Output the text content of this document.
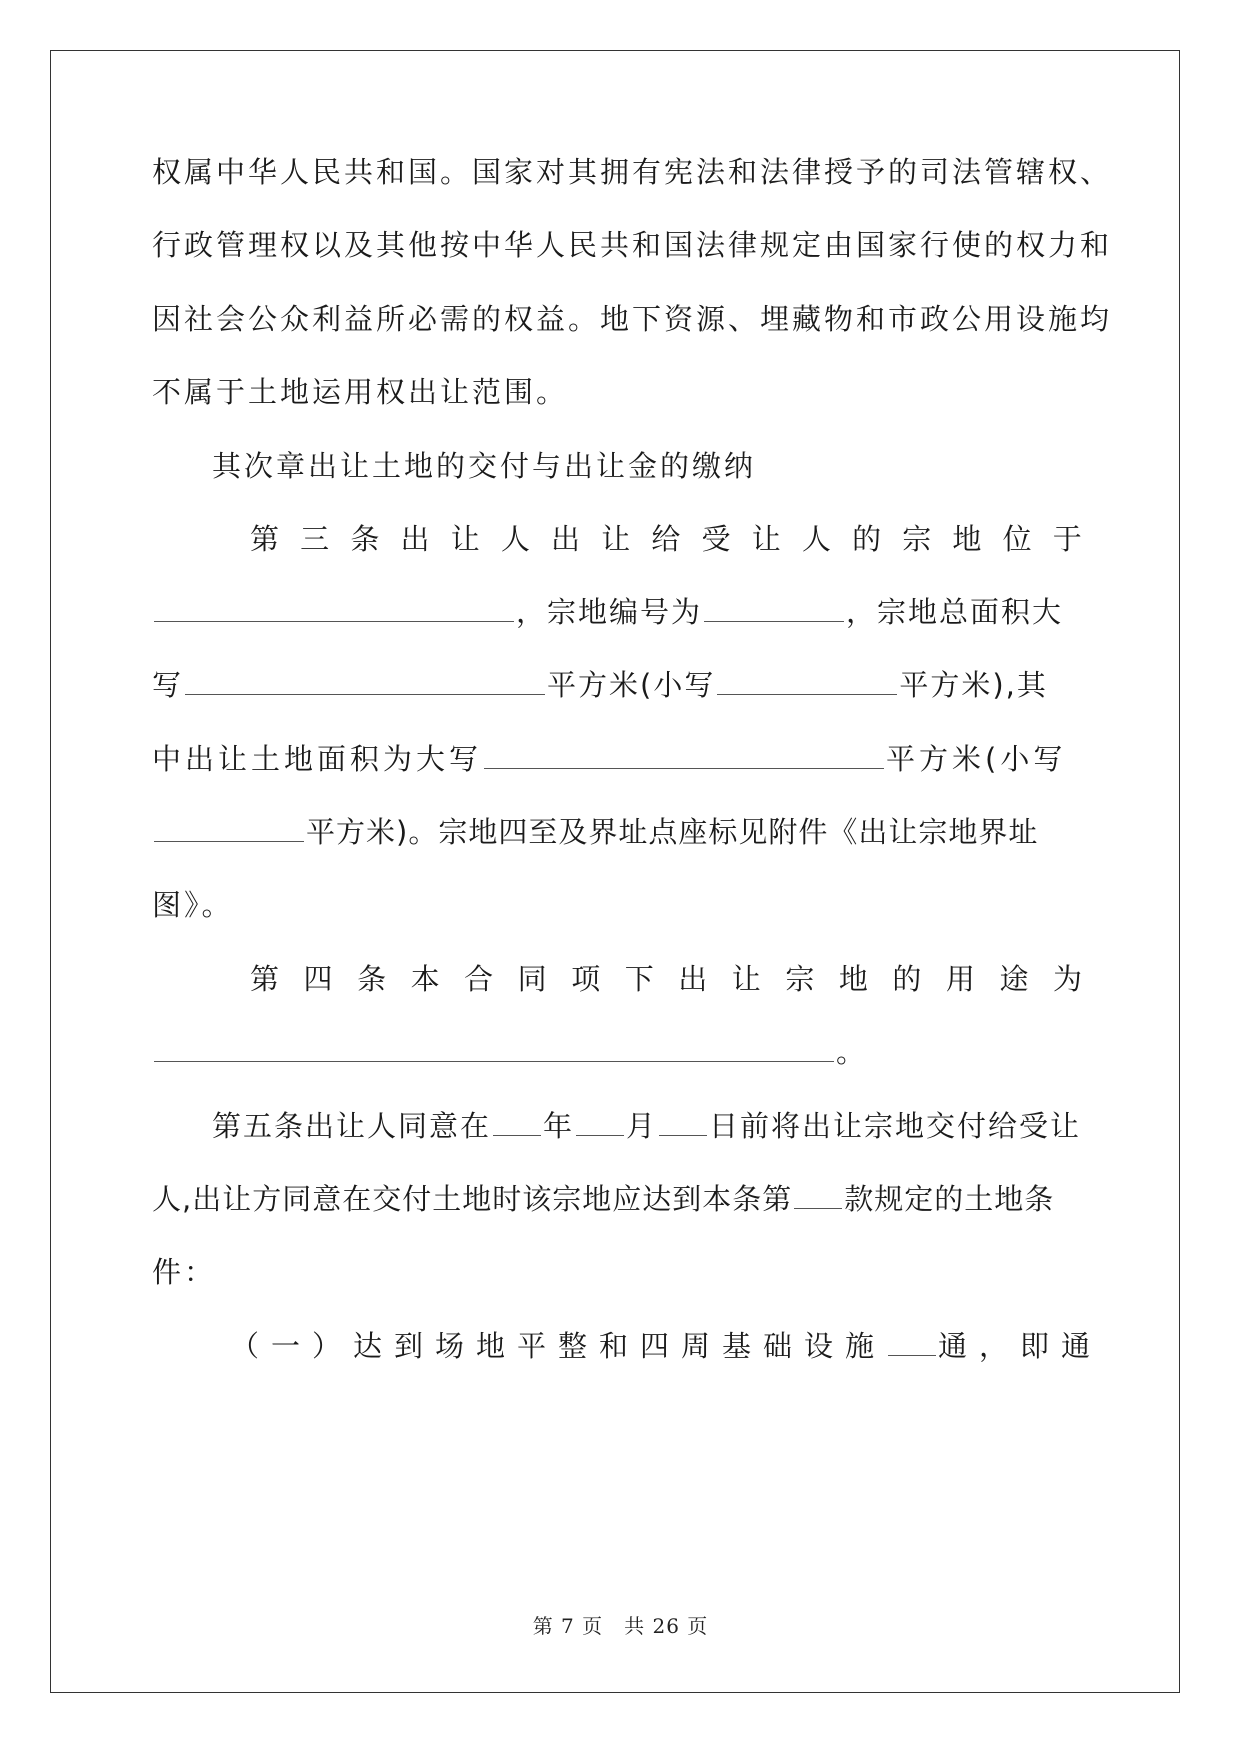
权属中华人民共和国。国家对其拥有宪法和法律授予的司法管辖权、
行政管理权以及其他按中华人民共和国法律规定由国家行使的权力和
因社会公众利益所必需的权益。地下资源、埋藏物和市政公用设施均
不属于土地运用权出让范围。
其次章出让土地的交付与出让金的缴纳
第 三 条 出 让 人 出 让 给 受 让 人 的 宗 地 位 于
，宗地编号为	，宗地总面积大
写	平方米(小写	平方米),其
中出让土地面积为大写	平方米(小写
平方米)。宗地四至及界址点座标见附件《出让宗地界址
图》。
第 四 条 本 合 同 项 下 出 让 宗 地 的 用 途 为
。
第五条出让人同意在 年 月 日前将出让宗地交付给受让
人,出让方同意在交付土地时该宗地应达到本条第 款规定的土地条
件：
（一）达到场地平整和四周基础设施 通，即通
第 7 页　共 26 页
